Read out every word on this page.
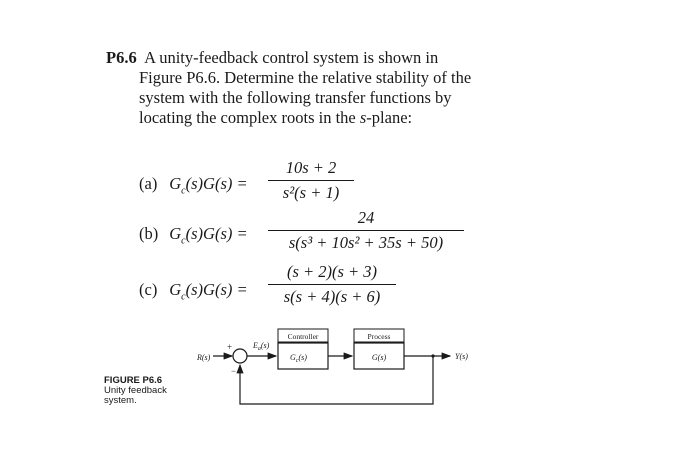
P6.6 A unity-feedback control system is shown in
Figure P6.6. Determine the relative stability of the
system with the following transfer functions by
locating the complex roots in the s-plane:
(a)  $G_c(s)G(s)$ =
10s + 2
s²(s + 1)
(b)  $G_c(s)G(s)$ =
24
s(s³ + 10s² + 35s + 50)
(c)  $G_c(s)G(s)$ =
(s + 2)(s + 3)
s(s + 4)(s + 6)
FIGURE P6.6
Unity feedback
system.
R(s)
+
−
$E_a(s)$
$G_c(s)$
Controller
G(s)
Process
Y(s)
